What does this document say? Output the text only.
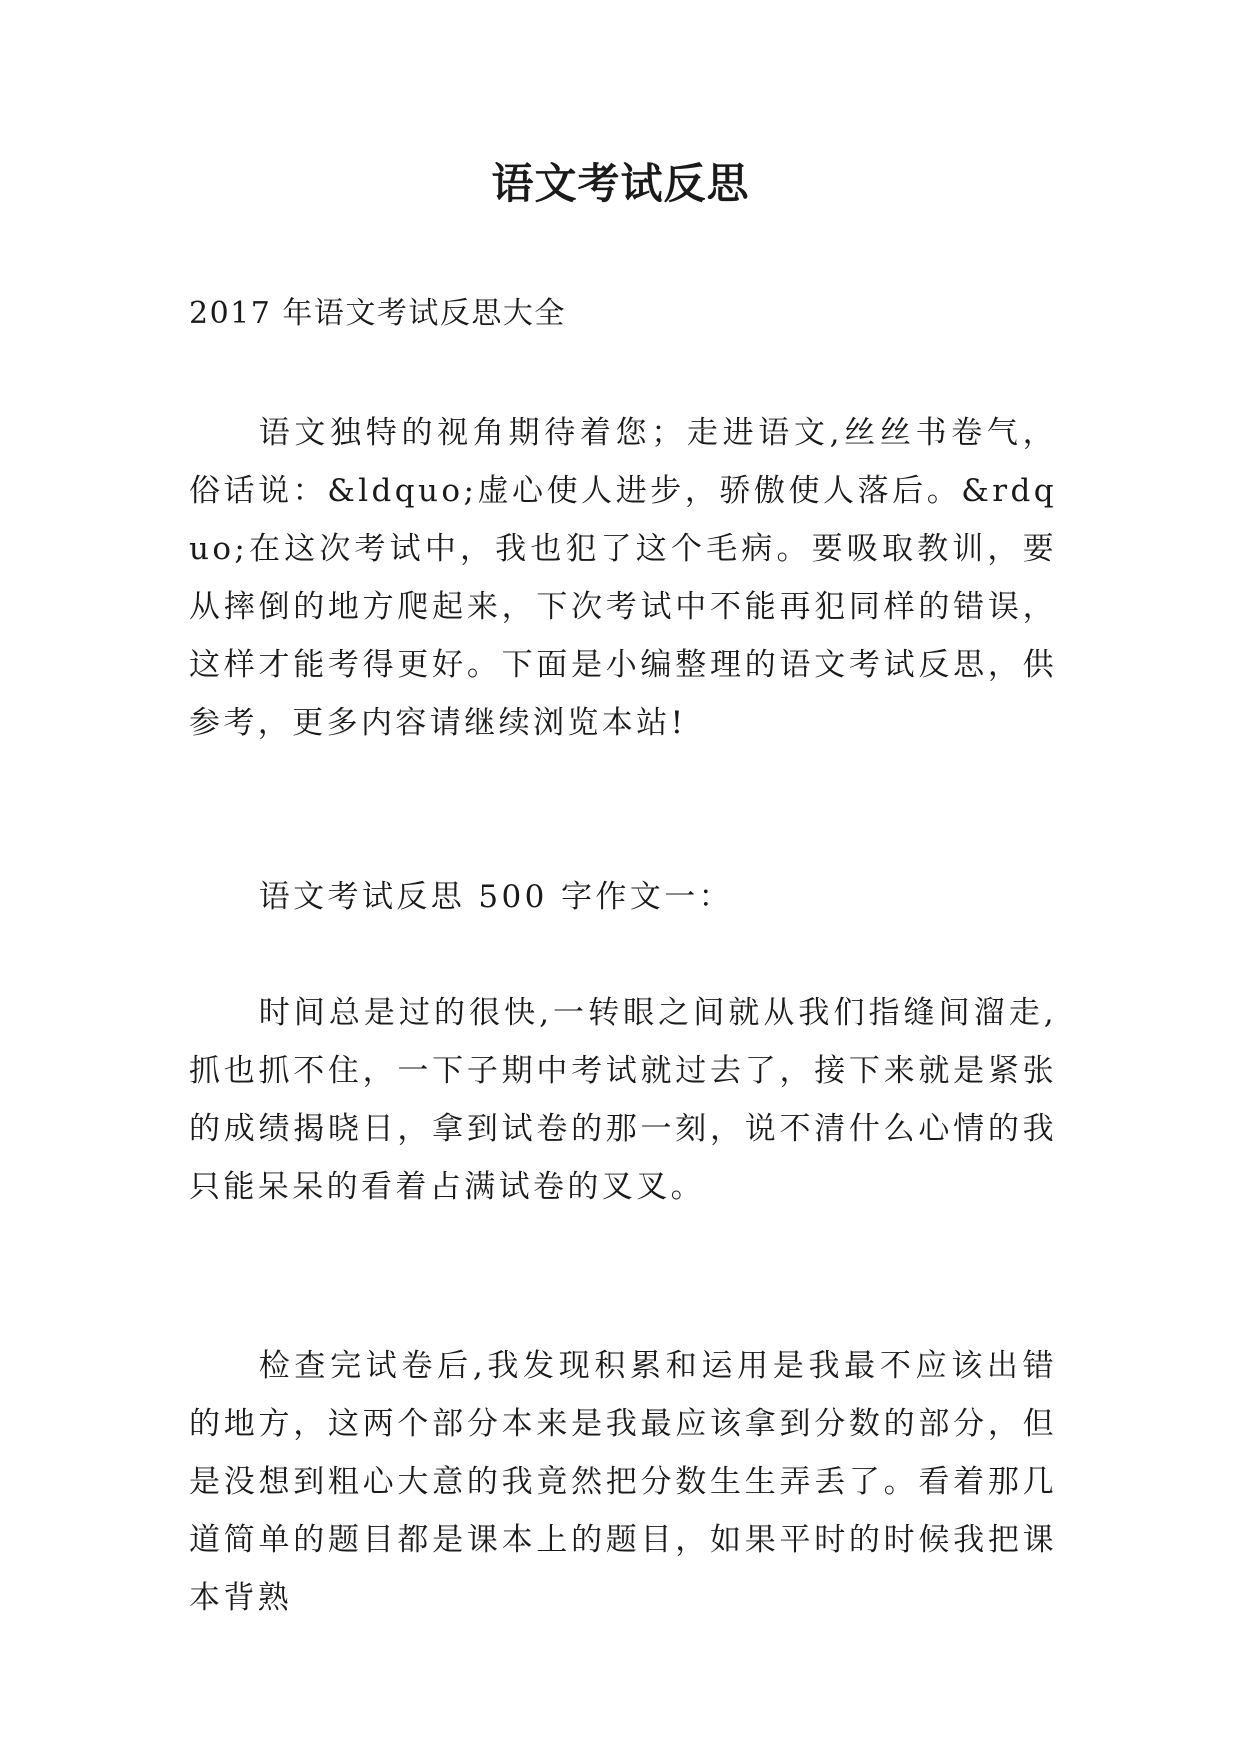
语文考试反思
2017 年语文考试反思大全
语文独特的视角期待着您；走进语文,丝丝书卷气，俗话说：&ldquo;虚心使人进步，骄傲使人落后。&rdquo;在这次考试中，我也犯了这个毛病。要吸取教训，要从摔倒的地方爬起来，下次考试中不能再犯同样的错误，这样才能考得更好。下面是小编整理的语文考试反思，供参考，更多内容请继续浏览本站!
语文考试反思 500 字作文一：
时间总是过的很快,一转眼之间就从我们指缝间溜走,抓也抓不住，一下子期中考试就过去了，接下来就是紧张的成绩揭晓日，拿到试卷的那一刻，说不清什么心情的我只能呆呆的看着占满试卷的叉叉。
检查完试卷后,我发现积累和运用是我最不应该出错的地方，这两个部分本来是我最应该拿到分数的部分，但是没想到粗心大意的我竟然把分数生生弄丢了。看着那几道简单的题目都是课本上的题目，如果平时的时候我把课本背熟
